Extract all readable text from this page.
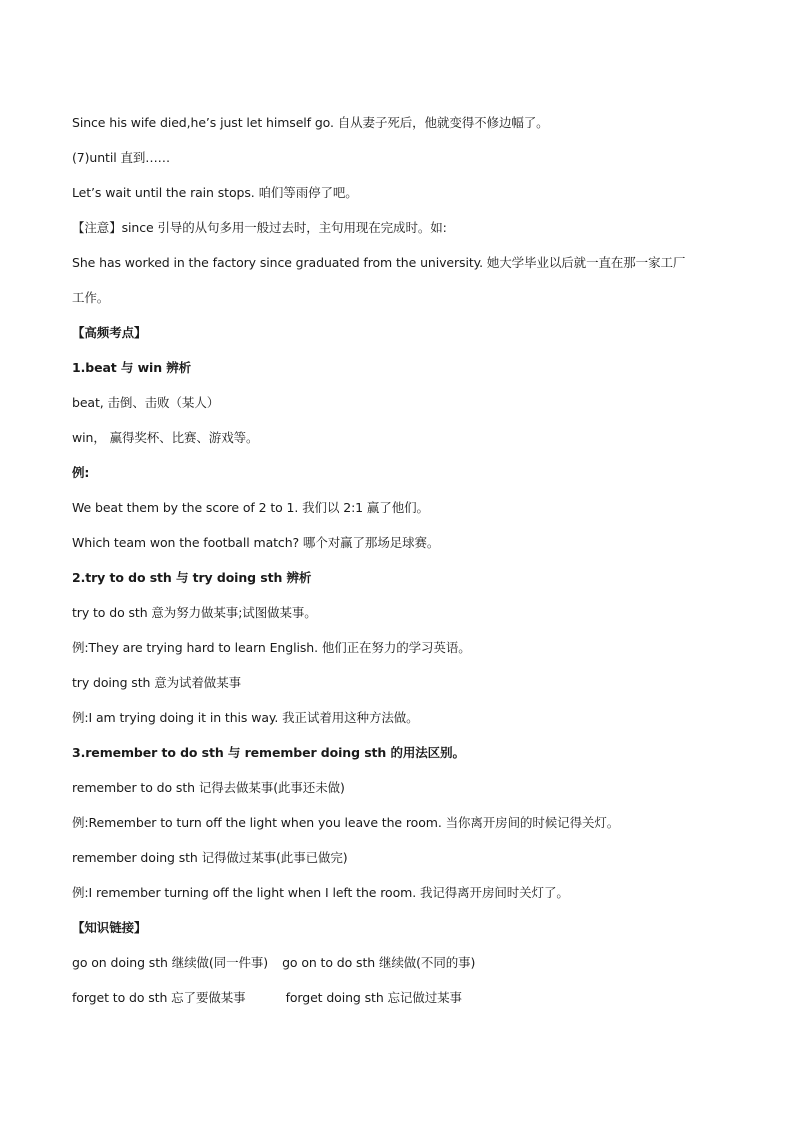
Since his wife died,he’s just let himself go. 自从妻子死后，他就变得不修边幅了。
(7)until 直到……
Let’s wait until the rain stops. 咱们等雨停了吧。
【注意】since 引导的从句多用一般过去时，主句用现在完成时。如:
She has worked in the factory since graduated from the university. 她大学毕业以后就一直在那一家工厂
工作。
【高频考点】
1.beat 与 win 辨析
beat, 击倒、击败（某人）
win， 赢得奖杯、比赛、游戏等。
例:
We beat them by the score of 2 to 1. 我们以 2:1 赢了他们。
Which team won the football match? 哪个对赢了那场足球赛。
2.try to do sth 与 try doing sth 辨析
try to do sth 意为努力做某事;试图做某事。
例:They are trying hard to learn English. 他们正在努力的学习英语。
try doing sth 意为试着做某事
例:I am trying doing it in this way. 我正试着用这种方法做。
3.remember to do sth 与 remember doing sth 的用法区别。
remember to do sth 记得去做某事(此事还未做)
例:Remember to turn off the light when you leave the room. 当你离开房间的时候记得关灯。
remember doing sth 记得做过某事(此事已做完)
例:I remember turning off the light when I left the room. 我记得离开房间时关灯了。
【知识链接】
go on doing sth 继续做(同一件事) go on to do sth 继续做(不同的事)
forget to do sth 忘了要做某事	forget doing sth 忘记做过某事
